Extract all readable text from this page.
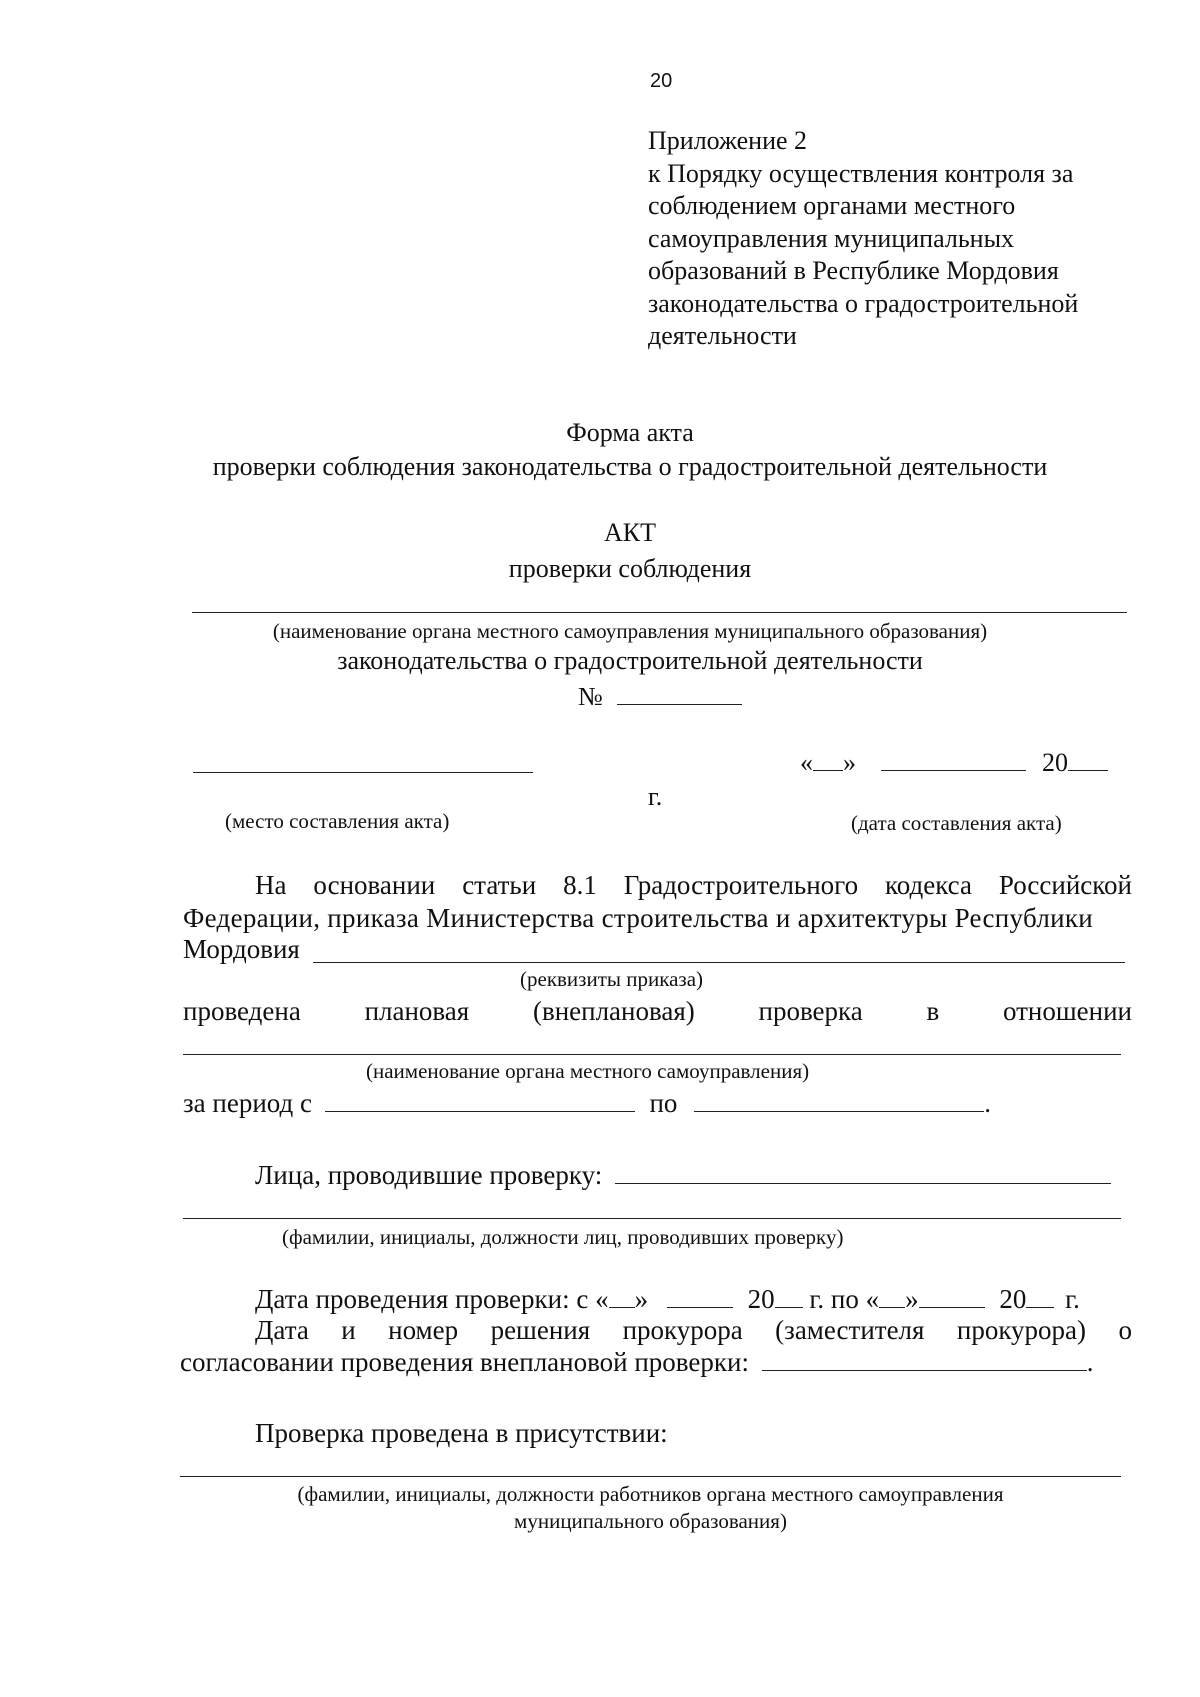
20
Приложение 2
к Порядку осуществления контроля за
соблюдением органами местного
самоуправления муниципальных
образований в Республике Мордовия
законодательства о градостроительной
деятельности
Форма акта
проверки соблюдения законодательства о градостроительной деятельности
АКТ
проверки соблюдения
(наименование органа местного самоуправления муниципального образования)
законодательства о градостроительной деятельности
№
« »	20
г.
(место составления акта)	(дата составления акта)
На основании статьи 8.1 Градостроительного кодекса Российской
Федерации, приказа Министерства строительства и архитектуры Республики
Мордовия
(реквизиты приказа)
проведена плановая (внеплановая) проверка в отношении
(наименование органа местного самоуправления)
за период с	по	.
Лица, проводившие проверку:
(фамилии, инициалы, должности лиц, проводивших проверку)
Дата проведения проверки: с « »	20 г. по « »	20 г.
Дата и номер решения прокурора (заместителя прокурора) о
согласовании проведения внеплановой проверки:	.
Проверка проведена в присутствии:
(фамилии, инициалы, должности работников органа местного самоуправления
муниципального образования)
